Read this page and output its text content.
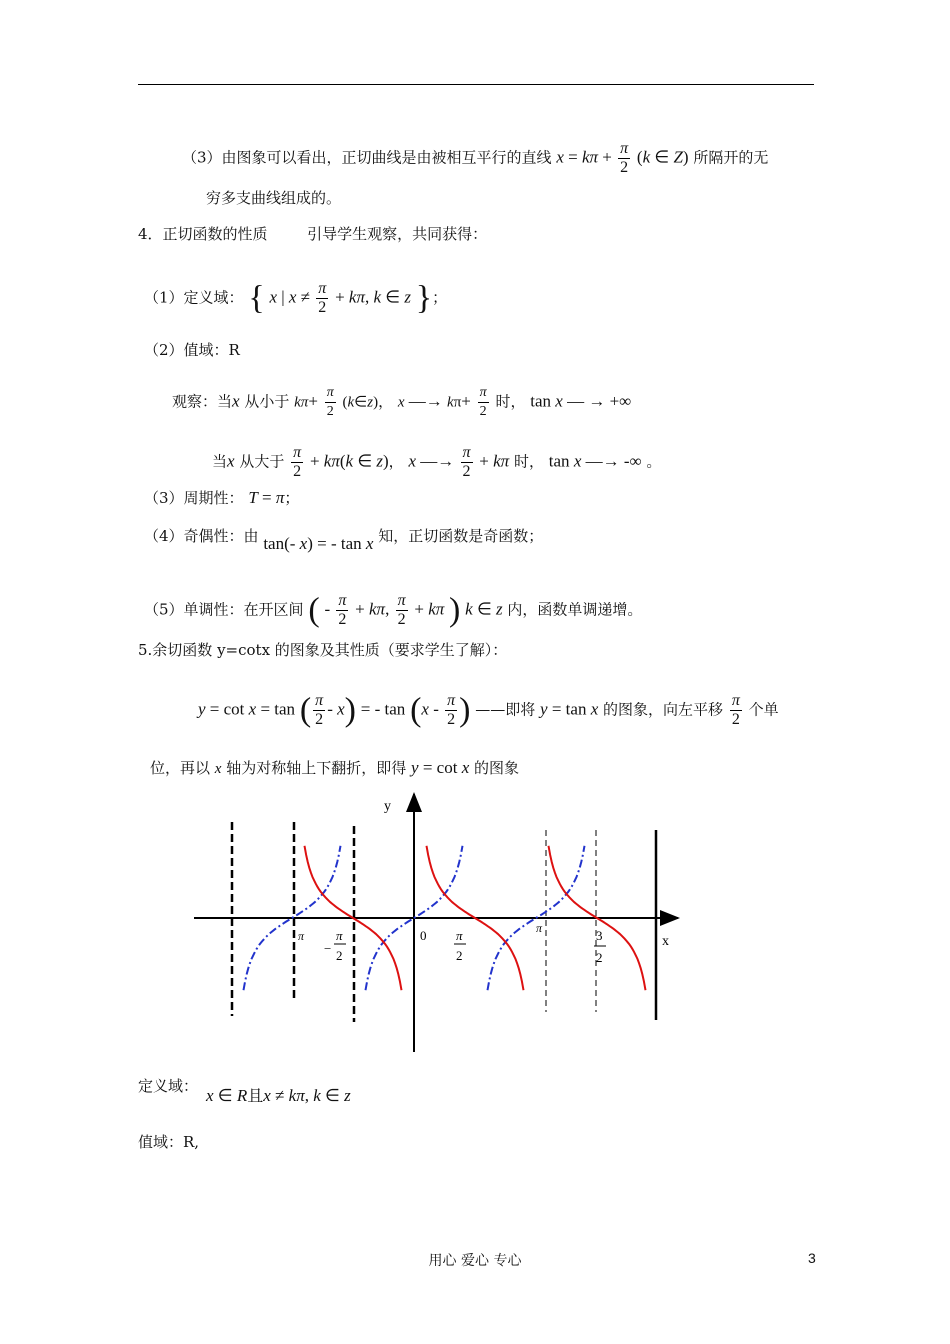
（3）由图象可以看出，正切曲线是由被相互平行的直线 $x = k\pi + \frac{\pi}{2} (k$ ∈ Z) 所隔开的无
穷多支曲线组成的。
4．正切函数的性质	引导学生观察，共同获得：
（1）定义域： { x | $x \ne \frac{\pi}{2} + k\pi$, k ∈ z }；
（2）值域：R
观察：当x 从小于 $k\pi+ \frac{\pi}{2}$ (k∈z)， x —→ $k\pi+ \frac{\pi}{2}$ 时， tan x — → +∞
当x 从大于 $\frac{\pi}{2} + k\pi(k$ ∈ z)， x —→ $\frac{\pi}{2} + k\pi$ 时， tan x —→ -∞ 。
（3）周期性： T = π；
（4）奇偶性：由 tan(- x) = - tan x 知，正切函数是奇函数；
（5）单调性：在开区间 ( - $\frac{\pi}{2} + k\pi$, $\frac{\pi}{2} + k\pi$ ) k ∈ z 内，函数单调递增。
5.余切函数 y=cotx 的图象及其性质（要求学生了解）：
y = cot x = tan ( $\frac{\pi}{2} - x$) = - $\tan (x - \frac{\pi}{2}$ ) ——即将 y = tan x 的图象，向左平移 $\frac{\pi}{2}$ 个单
位，再以 x 轴为对称轴上下翻折，即得 y = cot x 的图象
y
x
π
−
π
2
0 π
2
π	3
2
定义域： x ∈ R且x ≠ kπ, k ∈ z
值域：R,
用心 爱心 专心	3
